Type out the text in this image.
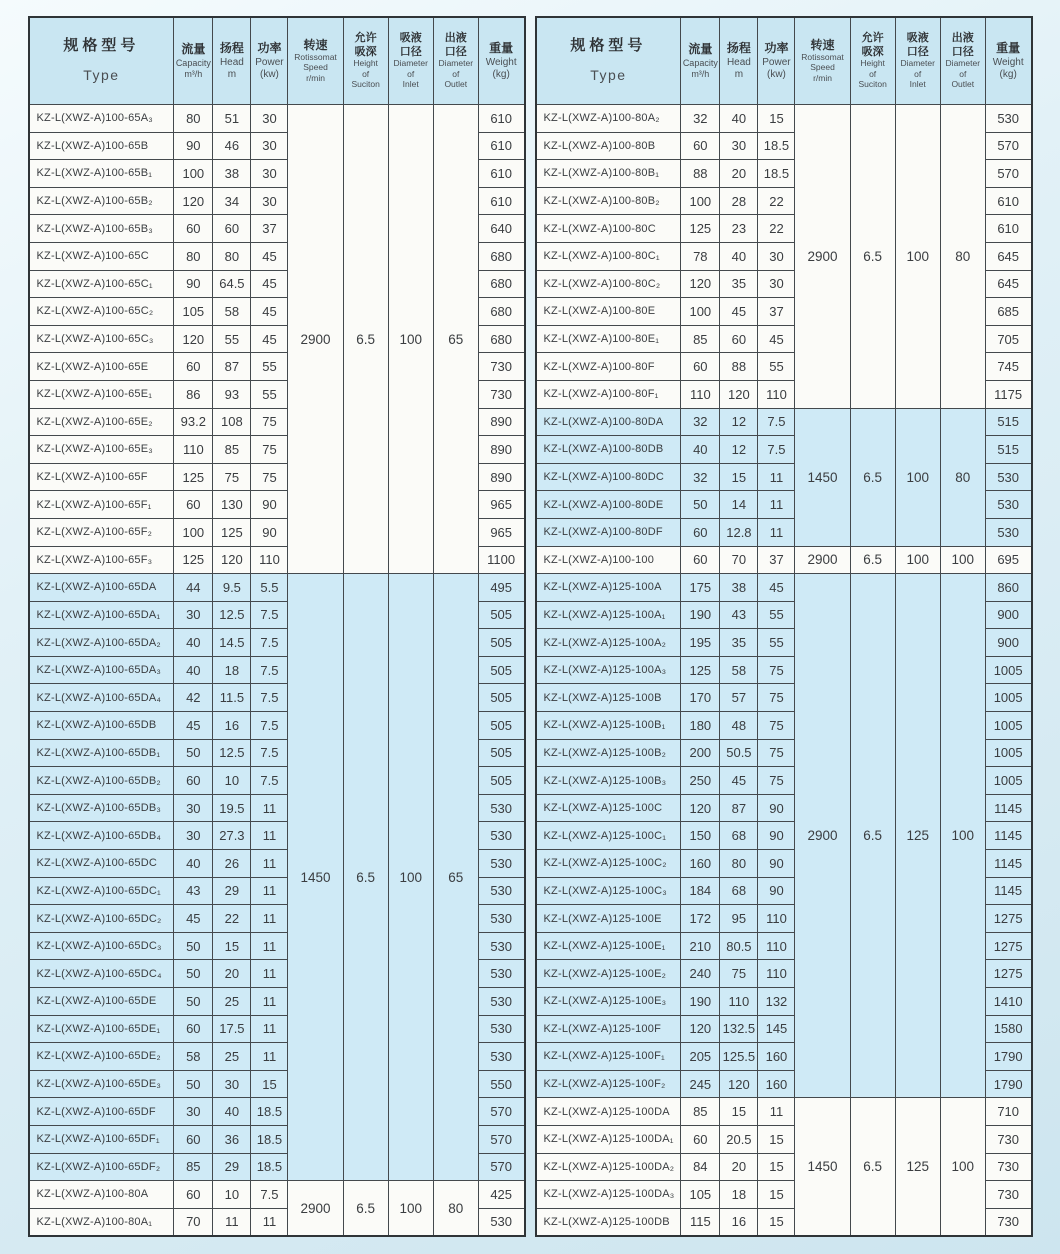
规格型号
Type

流量
Capacity
m³/h

扬程
Head
m

功率
Power
(kw)

转速
Rotissomat
Speed
r/min

允许
吸深
Height
of
Suciton

吸液
口径
Diameter
of
Inlet

出液
口径
Diameter
of
Outlet

重量
Weight
(kg)

KZ-L(XWZ-A)100-65A₃	80	51	30	2900	6.5	100	65	610
KZ-L(XWZ-A)100-65B	90	46	30					610
KZ-L(XWZ-A)100-65B₁	100	38	30					610
KZ-L(XWZ-A)100-65B₂	120	34	30					610
KZ-L(XWZ-A)100-65B₃	60	60	37					640
KZ-L(XWZ-A)100-65C	80	80	45					680
KZ-L(XWZ-A)100-65C₁	90	64.5	45					680
KZ-L(XWZ-A)100-65C₂	105	58	45					680
KZ-L(XWZ-A)100-65C₃	120	55	45					680
KZ-L(XWZ-A)100-65E	60	87	55					730
KZ-L(XWZ-A)100-65E₁	86	93	55					730
KZ-L(XWZ-A)100-65E₂	93.2	108	75					890
KZ-L(XWZ-A)100-65E₃	110	85	75					890
KZ-L(XWZ-A)100-65F	125	75	75					890
KZ-L(XWZ-A)100-65F₁	60	130	90					965
KZ-L(XWZ-A)100-65F₂	100	125	90					965
KZ-L(XWZ-A)100-65F₃	125	120	110					1100
KZ-L(XWZ-A)100-65DA	44	9.5	5.5	1450	6.5	100	65	495
KZ-L(XWZ-A)100-65DA₁	30	12.5	7.5					505
KZ-L(XWZ-A)100-65DA₂	40	14.5	7.5					505
KZ-L(XWZ-A)100-65DA₃	40	18	7.5					505
KZ-L(XWZ-A)100-65DA₄	42	11.5	7.5					505
KZ-L(XWZ-A)100-65DB	45	16	7.5					505
KZ-L(XWZ-A)100-65DB₁	50	12.5	7.5					505
KZ-L(XWZ-A)100-65DB₂	60	10	7.5					505
KZ-L(XWZ-A)100-65DB₃	30	19.5	11					530
KZ-L(XWZ-A)100-65DB₄	30	27.3	11					530
KZ-L(XWZ-A)100-65DC	40	26	11					530
KZ-L(XWZ-A)100-65DC₁	43	29	11					530
KZ-L(XWZ-A)100-65DC₂	45	22	11					530
KZ-L(XWZ-A)100-65DC₃	50	15	11					530
KZ-L(XWZ-A)100-65DC₄	50	20	11					530
KZ-L(XWZ-A)100-65DE	50	25	11					530
KZ-L(XWZ-A)100-65DE₁	60	17.5	11					530
KZ-L(XWZ-A)100-65DE₂	58	25	11					530
KZ-L(XWZ-A)100-65DE₃	50	30	15					550
KZ-L(XWZ-A)100-65DF	30	40	18.5					570
KZ-L(XWZ-A)100-65DF₁	60	36	18.5					570
KZ-L(XWZ-A)100-65DF₂	85	29	18.5					570
KZ-L(XWZ-A)100-80A	60	10	7.5	2900	6.5	100	80	425
KZ-L(XWZ-A)100-80A₁	70	11	11					530
规格型号
Type

流量
Capacity
m³/h

扬程
Head
m

功率
Power
(kw)

转速
Rotissomat
Speed
r/min

允许
吸深
Height
of
Suciton

吸液
口径
Diameter
of
Inlet

出液
口径
Diameter
of
Outlet

重量
Weight
(kg)

KZ-L(XWZ-A)100-80A₂	32	40	15	2900	6.5	100	80	530
KZ-L(XWZ-A)100-80B	60	30	18.5					570
KZ-L(XWZ-A)100-80B₁	88	20	18.5					570
KZ-L(XWZ-A)100-80B₂	100	28	22					610
KZ-L(XWZ-A)100-80C	125	23	22					610
KZ-L(XWZ-A)100-80C₁	78	40	30					645
KZ-L(XWZ-A)100-80C₂	120	35	30					645
KZ-L(XWZ-A)100-80E	100	45	37					685
KZ-L(XWZ-A)100-80E₁	85	60	45					705
KZ-L(XWZ-A)100-80F	60	88	55					745
KZ-L(XWZ-A)100-80F₁	110	120	110					1175
KZ-L(XWZ-A)100-80DA	32	12	7.5	1450	6.5	100	80	515
KZ-L(XWZ-A)100-80DB	40	12	7.5					515
KZ-L(XWZ-A)100-80DC	32	15	11					530
KZ-L(XWZ-A)100-80DE	50	14	11					530
KZ-L(XWZ-A)100-80DF	60	12.8	11					530
KZ-L(XWZ-A)100-100	60	70	37	2900	6.5	100	100	695
KZ-L(XWZ-A)125-100A	175	38	45	2900	6.5	125	100	860
KZ-L(XWZ-A)125-100A₁	190	43	55					900
KZ-L(XWZ-A)125-100A₂	195	35	55					900
KZ-L(XWZ-A)125-100A₃	125	58	75					1005
KZ-L(XWZ-A)125-100B	170	57	75					1005
KZ-L(XWZ-A)125-100B₁	180	48	75					1005
KZ-L(XWZ-A)125-100B₂	200	50.5	75					1005
KZ-L(XWZ-A)125-100B₃	250	45	75					1005
KZ-L(XWZ-A)125-100C	120	87	90					1145
KZ-L(XWZ-A)125-100C₁	150	68	90					1145
KZ-L(XWZ-A)125-100C₂	160	80	90					1145
KZ-L(XWZ-A)125-100C₃	184	68	90					1145
KZ-L(XWZ-A)125-100E	172	95	110					1275
KZ-L(XWZ-A)125-100E₁	210	80.5	110					1275
KZ-L(XWZ-A)125-100E₂	240	75	110					1275
KZ-L(XWZ-A)125-100E₃	190	110	132					1410
KZ-L(XWZ-A)125-100F	120	132.5	145					1580
KZ-L(XWZ-A)125-100F₁	205	125.5	160					1790
KZ-L(XWZ-A)125-100F₂	245	120	160					1790
KZ-L(XWZ-A)125-100DA	85	15	11	1450	6.5	125	100	710
KZ-L(XWZ-A)125-100DA₁	60	20.5	15					730
KZ-L(XWZ-A)125-100DA₂	84	20	15					730
KZ-L(XWZ-A)125-100DA₃	105	18	15					730
KZ-L(XWZ-A)125-100DB	115	16	15					730
